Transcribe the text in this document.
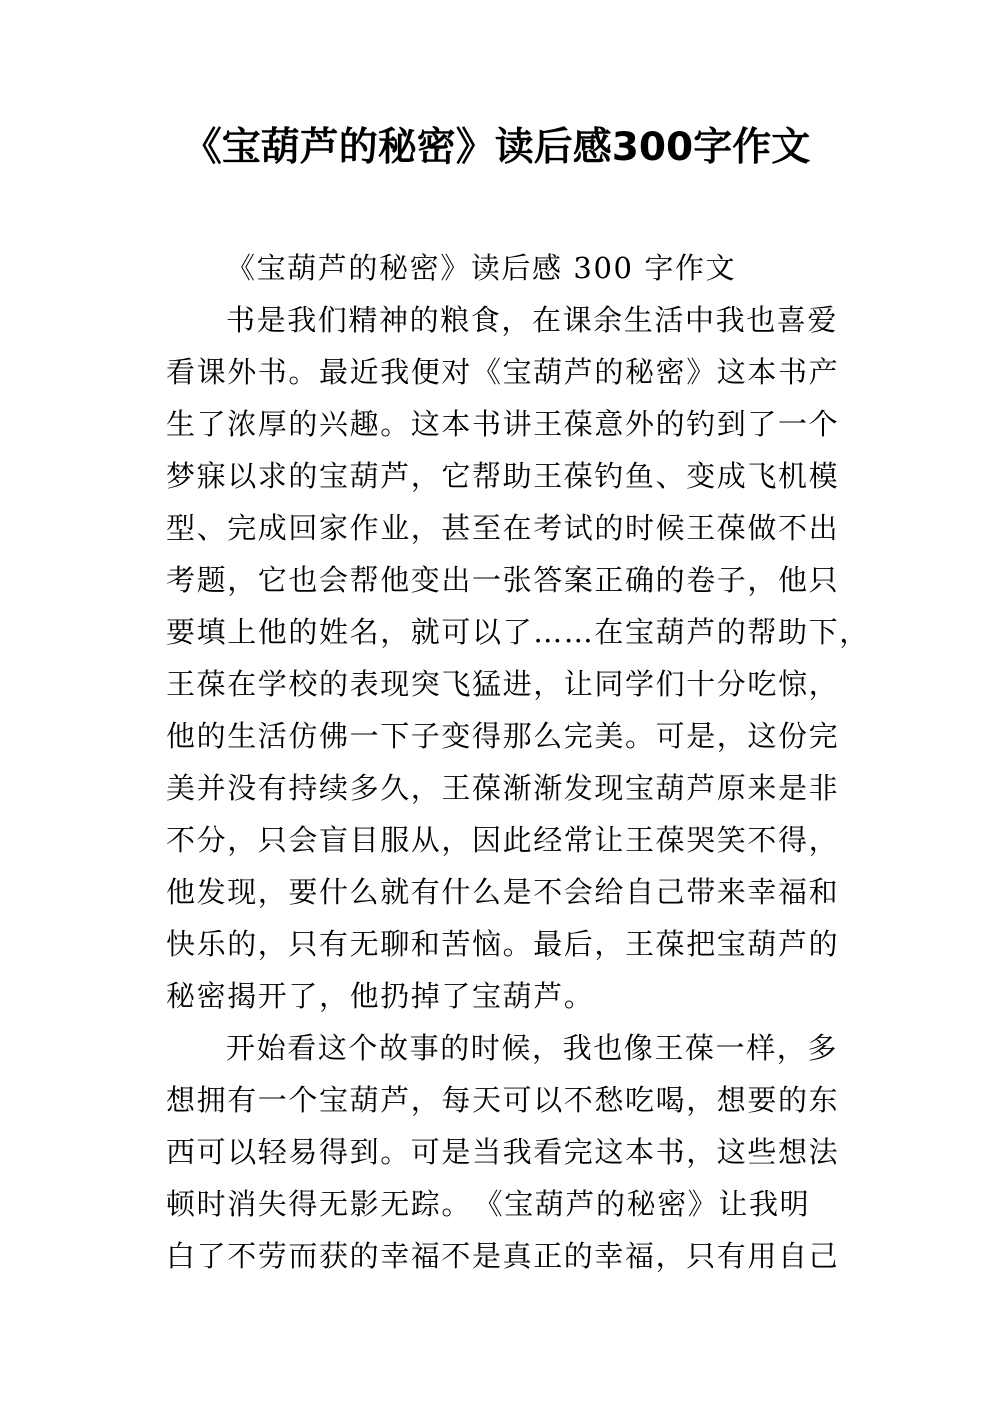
《宝葫芦的秘密》读后感300字作文
《宝葫芦的秘密》读后感 300 字作文
书是我们精神的粮食，在课余生活中我也喜爱
看课外书。最近我便对《宝葫芦的秘密》这本书产
生了浓厚的兴趣。这本书讲王葆意外的钓到了一个
梦寐以求的宝葫芦，它帮助王葆钓鱼、变成飞机模
型、完成回家作业，甚至在考试的时候王葆做不出
考题，它也会帮他变出一张答案正确的卷子，他只
要填上他的姓名，就可以了……在宝葫芦的帮助下，
王葆在学校的表现突飞猛进，让同学们十分吃惊，
他的生活仿佛一下子变得那么完美。可是，这份完
美并没有持续多久，王葆渐渐发现宝葫芦原来是非
不分，只会盲目服从，因此经常让王葆哭笑不得，
他发现，要什么就有什么是不会给自己带来幸福和
快乐的，只有无聊和苦恼。最后，王葆把宝葫芦的
秘密揭开了，他扔掉了宝葫芦。
开始看这个故事的时候，我也像王葆一样，多
想拥有一个宝葫芦，每天可以不愁吃喝，想要的东
西可以轻易得到。可是当我看完这本书，这些想法
顿时消失得无影无踪。　《宝葫芦的秘密》让我明
白了不劳而获的幸福不是真正的幸福，只有用自己
